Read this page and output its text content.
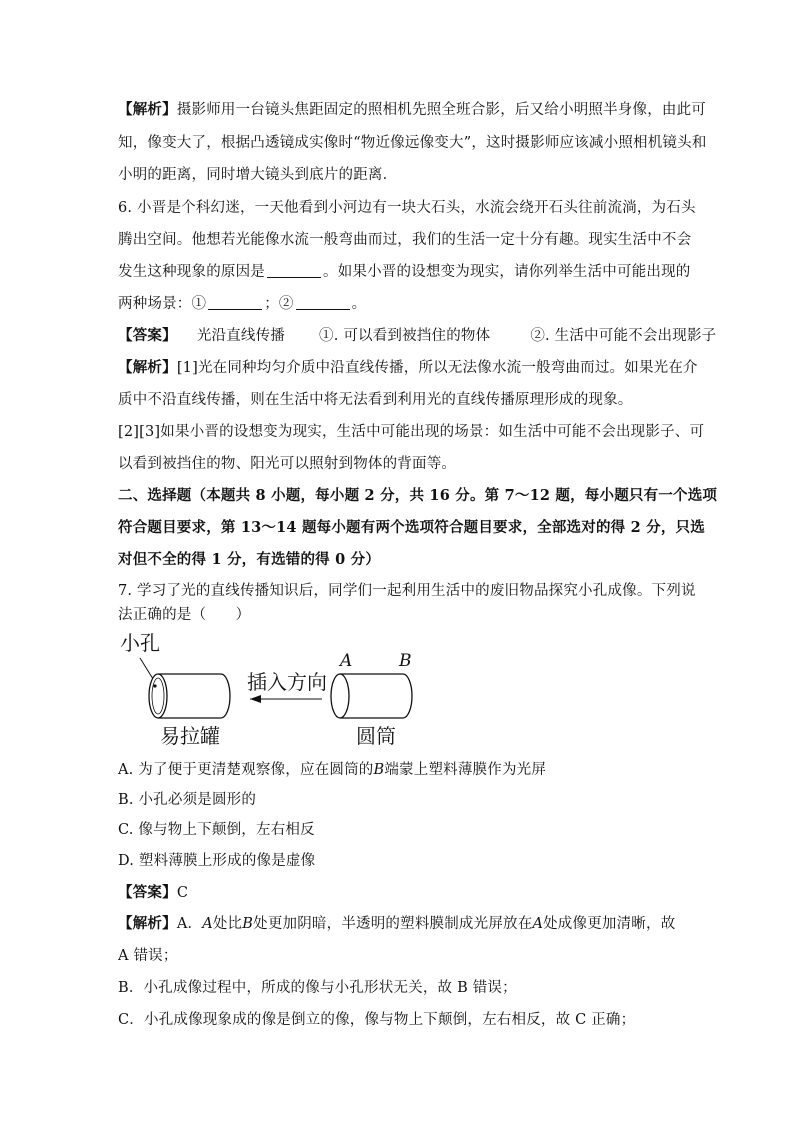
【解析】摄影师用一台镜头焦距固定的照相机先照全班合影，后又给小明照半身像，由此可
知，像变大了，根据凸透镜成实像时“物近像远像变大”，这时摄影师应该减小照相机镜头和
小明的距离，同时增大镜头到底片的距离．
6. 小晋是个科幻迷，一天他看到小河边有一块大石头，水流会绕开石头往前流淌，为石头
腾出空间。他想若光能像水流一般弯曲而过，我们的生活一定十分有趣。现实生活中不会
发生这种现象的原因是	。如果小晋的设想变为现实，请你列举生活中可能出现的
两种场景：①	；②	。
【答案】 光沿直线传播 ①. 可以看到被挡住的物体	②. 生活中可能不会出现影子
【解析】[1]光在同种均匀介质中沿直线传播，所以无法像水流一般弯曲而过。如果光在介
质中不沿直线传播，则在生活中将无法看到利用光的直线传播原理形成的现象。
[2][3]如果小晋的设想变为现实，生活中可能出现的场景：如生活中可能不会出现影子、可
以看到被挡住的物、阳光可以照射到物体的背面等。
二、选择题（本题共 8 小题，每小题 2 分，共 16 分。第 7～12 题，每小题只有一个选项
符合题目要求，第 13～14 题每小题有两个选项符合题目要求，全部选对的得 2 分，只选
对但不全的得 1 分，有选错的得 0 分）
7. 学习了光的直线传播知识后，同学们一起利用生活中的废旧物品探究小孔成像。下列说
法正确的是（　　）
小孔
插入方向
A	B
易拉罐	圆筒
A. 为了便于更清楚观察像，应在圆筒的B端蒙上塑料薄膜作为光屏
B. 小孔必须是圆形的
C. 像与物上下颠倒，左右相反
D. 塑料薄膜上形成的像是虚像
【答案】C
【解析】A．A处比B处更加阴暗，半透明的塑料膜制成光屏放在A处成像更加清晰，故
A 错误；
B．小孔成像过程中，所成的像与小孔形状无关，故 B 错误；
C．小孔成像现象成的像是倒立的像，像与物上下颠倒，左右相反，故 C 正确；
